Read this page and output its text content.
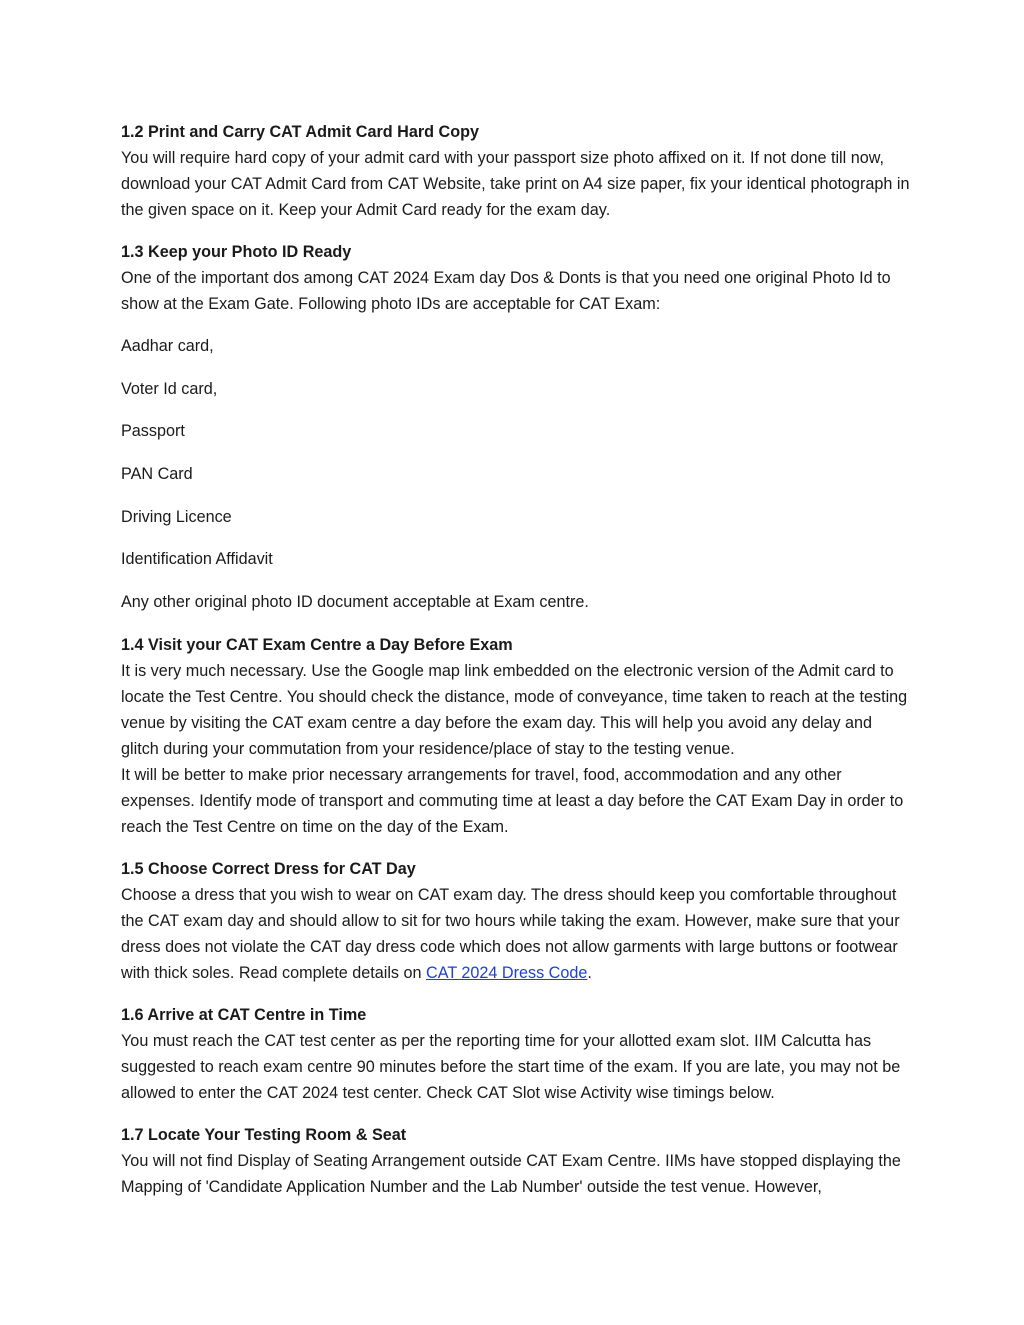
1.2 Print and Carry CAT Admit Card Hard Copy

You will require hard copy of your admit card with your passport size photo affixed on it. If not done till now, download your CAT Admit Card from CAT Website, take print on A4 size paper, fix your identical photograph in the given space on it. Keep your Admit Card ready for the exam day.

1.3 Keep your Photo ID Ready

One of the important dos among CAT 2024 Exam day Dos & Donts is that you need one original Photo Id to show at the Exam Gate. Following photo IDs are acceptable for CAT Exam:

Aadhar card,

Voter Id card,

Passport

PAN Card

Driving Licence

Identification Affidavit

Any other original photo ID document acceptable at Exam centre.

1.4 Visit your CAT Exam Centre a Day Before Exam

It is very much necessary. Use the Google map link embedded on the electronic version of the Admit card to locate the Test Centre. You should check the distance, mode of conveyance, time taken to reach at the testing venue by visiting the CAT exam centre a day before the exam day. This will help you avoid any delay and glitch during your commutation from your residence/place of stay to the testing venue.

It will be better to make prior necessary arrangements for travel, food, accommodation and any other expenses. Identify mode of transport and commuting time at least a day before the CAT Exam Day in order to reach the Test Centre on time on the day of the Exam.

1.5 Choose Correct Dress for CAT Day

Choose a dress that you wish to wear on CAT exam day. The dress should keep you comfortable throughout the CAT exam day and should allow to sit for two hours while taking the exam. However, make sure that your dress does not violate the CAT day dress code which does not allow garments with large buttons or footwear with thick soles. Read complete details on CAT 2024 Dress Code.

1.6 Arrive at CAT Centre in Time

You must reach the CAT test center as per the reporting time for your allotted exam slot. IIM Calcutta has suggested to reach exam centre 90 minutes before the start time of the exam. If you are late, you may not be allowed to enter the CAT 2024 test center. Check CAT Slot wise Activity wise timings below.

1.7 Locate Your Testing Room & Seat

You will not find Display of Seating Arrangement outside CAT Exam Centre. IIMs have stopped displaying the Mapping of 'Candidate Application Number and the Lab Number' outside the test venue. However,
